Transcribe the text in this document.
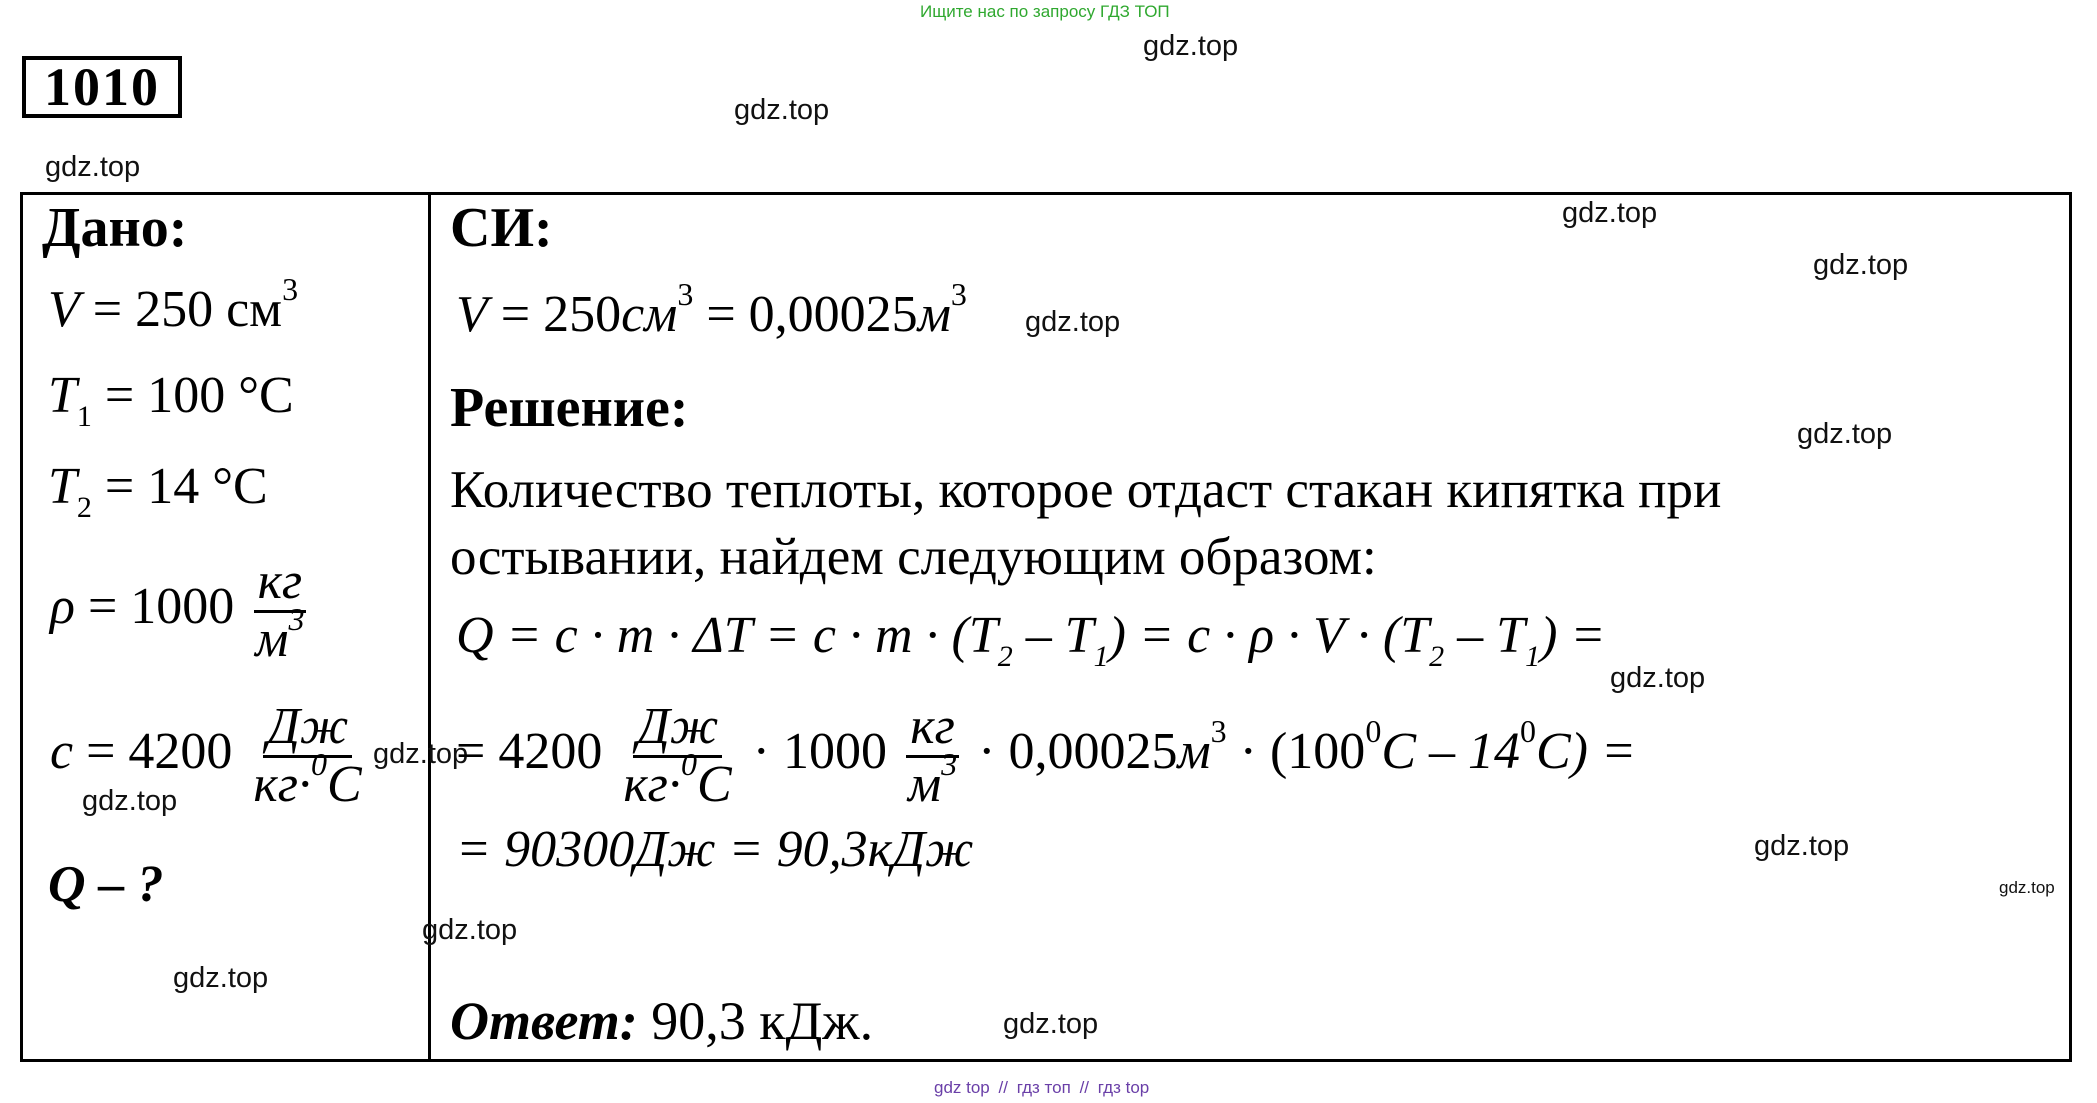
Ищите нас по запросу ГДЗ ТОП
1010
gdz.top
gdz.top
gdz.top
Дано:
V = 250 $см^3$
$T_1 = 100$ °C
$T_2 = 14$ °C
$\rho = 1000 \frac{кг}{м^3}$
$c = 4200 \frac{Дж}{кг\cdot^0C}$
Q – ?
gdz.top
gdz.top
gdz.top
gdz.top
СИ:
$V = 250см^3 = 0,00025м^3$
Решение:
Количество теплоты, которое отдаст стакан кипятка при
остывании, найдем следующим образом:
$Q = c \cdot m \cdot \Delta T = c \cdot m \cdot (T_2 - T_1) = c \cdot \rho \cdot V \cdot (T_2 - T_1)$ =
= $4200 \frac{Дж}{кг\cdot^0C} \cdot 1000 \frac{кг}{м^3} \cdot 0,00025м^3 \cdot (100^0C - 14^0C)$ =
= 90300Дж = 90,3кДж
Ответ: 90,3 кДж.
gdz.top
gdz.top
gdz.top
gdz.top
gdz.top
gdz.top
gdz.top
gdz.top
gdz top // гдз топ // гдз top
